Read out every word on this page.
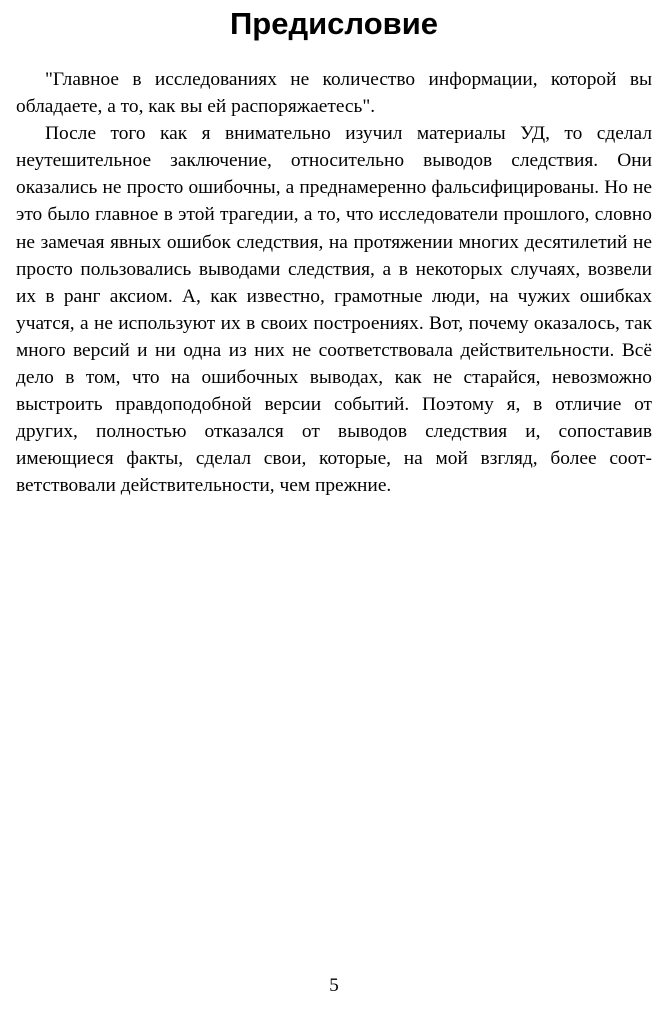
Предисловие

"Главное в исследованиях не количество информации, которой вы обладаете, а то, как вы ей распоряжаетесь".

После того как я внимательно изучил материалы УД, то сделал неутешительное заключение, относительно выводов следствия. Они оказались не просто ошибочны, а преднамеренно фальсифицированы. Но не это было главное в этой трагедии, а то, что исследователи прошлого, словно не замечая явных ошибок следствия, на протяжении многих десятилетий не просто пользовались выводами следствия, а в некоторых случаях, возвели их в ранг аксиом. А, как известно, грамотные люди, на чужих ошибках учатся, а не используют их в своих построениях. Вот, почему оказалось, так много версий и ни одна из них не соответствовала действительности. Всё дело в том, что на ошибочных выводах, как не старайся, невозможно выстроить правдоподобной версии событий. Поэтому я, в отличие от других, полностью отказался от выводов следствия и, сопоставив имеющиеся факты, сделал свои, которые, на мой взгляд, более соответствовали действительности, чем прежние.

5
